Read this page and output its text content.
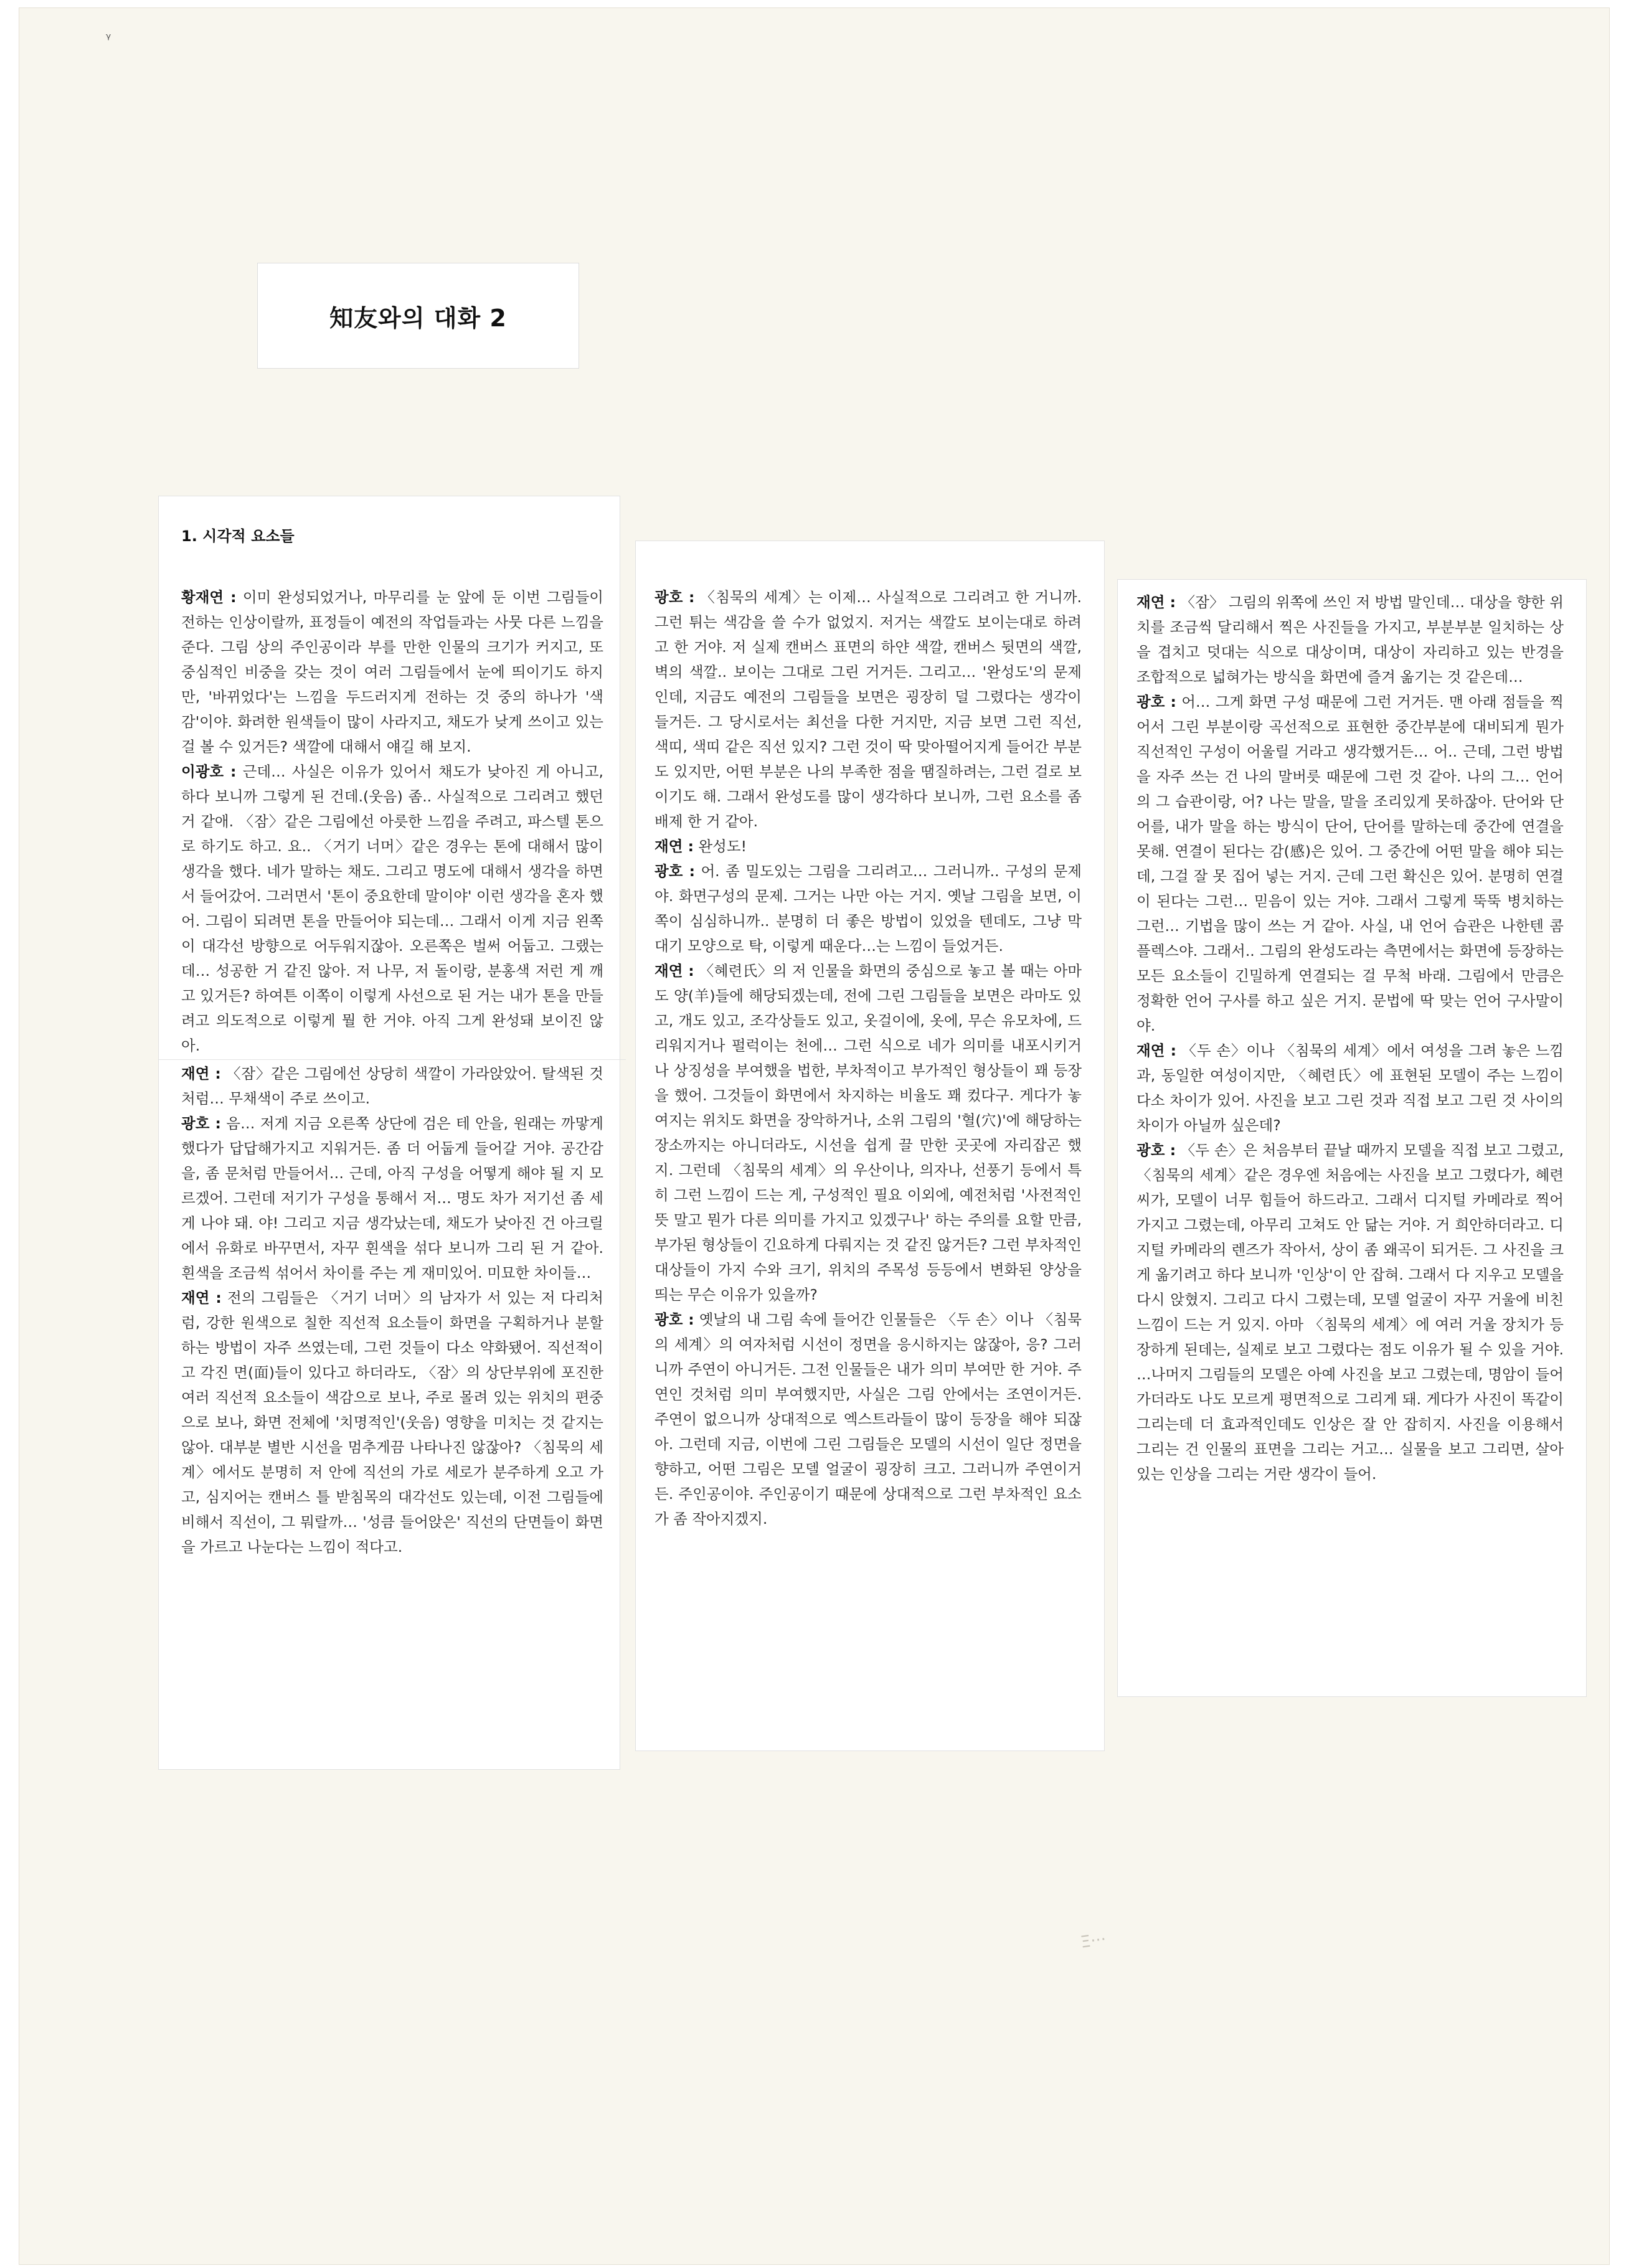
ᵞ
知友와의 대화 2
1. 시각적 요소들

황재연 : 이미 완성되었거나, 마무리를 눈 앞에 둔 이번 그림들이 전하는 인상이랄까, 표정들이 예전의 작업들과는 사뭇 다른 느낌을 준다. 그림 상의 주인공이라 부를 만한 인물의 크기가 커지고, 또 중심적인 비중을 갖는 것이 여러 그림들에서 눈에 띄이기도 하지만, '바뀌었다'는 느낌을 두드러지게 전하는 것 중의 하나가 '색감'이야. 화려한 원색들이 많이 사라지고, 채도가 낮게 쓰이고 있는 걸 볼 수 있거든? 색깔에 대해서 얘길 해 보지.

이광호 : 근데… 사실은 이유가 있어서 채도가 낮아진 게 아니고, 하다 보니까 그렇게 된 건데.(웃음) 좀.. 사실적으로 그리려고 했던 거 같애. 〈잠〉같은 그림에선 아릇한 느낌을 주려고, 파스텔 톤으로 하기도 하고. 요.. 〈거기 너머〉같은 경우는 톤에 대해서 많이 생각을 했다. 네가 말하는 채도. 그리고 명도에 대해서 생각을 하면서 들어갔어. 그러면서 '톤이 중요한데 말이야' 이런 생각을 혼자 했어. 그림이 되려면 톤을 만들어야 되는데… 그래서 이게 지금 왼쪽이 대각선 방향으로 어두워지잖아. 오른쪽은 벌써 어둡고. 그랬는데… 성공한 거 같진 않아. 저 나무, 저 돌이랑, 분홍색 저런 게 깨고 있거든? 하여튼 이쪽이 이렇게 사선으로 된 거는 내가 톤을 만들려고 의도적으로 이렇게 뭘 한 거야. 아직 그게 완성돼 보이진 않아.

재연 : 〈잠〉같은 그림에선 상당히 색깔이 가라앉았어. 탈색된 것처럼… 무채색이 주로 쓰이고.

광호 : 음… 저게 지금 오른쪽 상단에 검은 테 안을, 원래는 까맣게 했다가 답답해가지고 지워거든. 좀 더 어둡게 들어갈 거야. 공간감을, 좀 문처럼 만들어서… 근데, 아직 구성을 어떻게 해야 될 지 모르겠어. 그런데 저기가 구성을 통해서 저… 명도 차가 저기선 좀 세게 나야 돼. 야! 그리고 지금 생각났는데, 채도가 낮아진 건 아크릴에서 유화로 바꾸면서, 자꾸 흰색을 섞다 보니까 그리 된 거 같아. 흰색을 조금씩 섞어서 차이를 주는 게 재미있어. 미묘한 차이들…

재연 : 전의 그림들은 〈거기 너머〉의 남자가 서 있는 저 다리처럼, 강한 원색으로 칠한 직선적 요소들이 화면을 구획하거나 분할하는 방법이 자주 쓰였는데, 그런 것들이 다소 약화됐어. 직선적이고 각진 면(面)들이 있다고 하더라도, 〈잠〉의 상단부위에 포진한 여러 직선적 요소들이 색감으로 보나, 주로 몰려 있는 위치의 편중으로 보나, 화면 전체에 '치명적인'(웃음) 영향을 미치는 것 같지는 않아. 대부분 별반 시선을 멈추게끔 나타나진 않잖아? 〈침묵의 세계〉에서도 분명히 저 안에 직선의 가로 세로가 분주하게 오고 가고, 심지어는 캔버스 틀 받침목의 대각선도 있는데, 이전 그림들에 비해서 직선이, 그 뭐랄까… '성큼 들어앉은' 직선의 단면들이 화면을 가르고 나눈다는 느낌이 적다고.

광호 : 〈침묵의 세계〉는 이제… 사실적으로 그리려고 한 거니까. 그런 튀는 색감을 쓸 수가 없었지. 저거는 색깔도 보이는대로 하려고 한 거야. 저 실제 캔버스 표면의 하얀 색깔, 캔버스 뒷면의 색깔, 벽의 색깔.. 보이는 그대로 그린 거거든. 그리고… '완성도'의 문제인데, 지금도 예전의 그림들을 보면은 굉장히 덜 그렸다는 생각이 들거든. 그 당시로서는 최선을 다한 거지만, 지금 보면 그런 직선, 색띠, 색띠 같은 직선 있지? 그런 것이 딱 맞아떨어지게 들어간 부분도 있지만, 어떤 부분은 나의 부족한 점을 땜질하려는, 그런 걸로 보이기도 해. 그래서 완성도를 많이 생각하다 보니까, 그런 요소를 좀 배제 한 거 같아.

재연 : 완성도!

광호 : 어. 좀 밀도있는 그림을 그리려고… 그러니까.. 구성의 문제야. 화면구성의 문제. 그거는 나만 아는 거지. 옛날 그림을 보면, 이쪽이 심심하니까.. 분명히 더 좋은 방법이 있었을 텐데도, 그냥 막 대기 모양으로 탁, 이렇게 때운다…는 느낌이 들었거든.

재연 : 〈혜련氏〉의 저 인물을 화면의 중심으로 놓고 볼 때는 아마도 양(羊)들에 해당되겠는데, 전에 그린 그림들을 보면은 라마도 있고, 개도 있고, 조각상들도 있고, 옷걸이에, 옷에, 무슨 유모차에, 드리워지거나 펄럭이는 천에… 그런 식으로 네가 의미를 내포시키거나 상징성을 부여했을 법한, 부차적이고 부가적인 형상들이 꽤 등장을 했어. 그것들이 화면에서 차지하는 비율도 꽤 컸다구. 게다가 놓여지는 위치도 화면을 장악하거나, 소위 그림의 '혈(穴)'에 해당하는 장소까지는 아니더라도, 시선을 쉽게 끌 만한 곳곳에 자리잡곤 했지. 그런데 〈침묵의 세계〉의 우산이나, 의자나, 선풍기 등에서 특히 그런 느낌이 드는 게, 구성적인 필요 이외에, 예전처럼 '사전적인 뜻 말고 뭔가 다른 의미를 가지고 있겠구나' 하는 주의를 요할 만큼, 부가된 형상들이 긴요하게 다뤄지는 것 같진 않거든? 그런 부차적인 대상들이 가지 수와 크기, 위치의 주목성 등등에서 변화된 양상을 띄는 무슨 이유가 있을까?

광호 : 옛날의 내 그림 속에 들어간 인물들은 〈두 손〉이나 〈침묵의 세계〉의 여자처럼 시선이 정면을 응시하지는 않잖아, 응? 그러니까 주연이 아니거든. 그전 인물들은 내가 의미 부여만 한 거야. 주연인 것처럼 의미 부여했지만, 사실은 그림 안에서는 조연이거든. 주연이 없으니까 상대적으로 엑스트라들이 많이 등장을 해야 되잖아. 그런데 지금, 이번에 그린 그림들은 모델의 시선이 일단 정면을 향하고, 어떤 그림은 모델 얼굴이 굉장히 크고. 그러니까 주연이거든. 주인공이야. 주인공이기 때문에 상대적으로 그런 부차적인 요소가 좀 작아지겠지.

재연 : 〈잠〉 그림의 위쪽에 쓰인 저 방법 말인데… 대상을 향한 위치를 조금씩 달리해서 찍은 사진들을 가지고, 부분부분 일치하는 상을 겹치고 덧대는 식으로 대상이며, 대상이 자리하고 있는 반경을 조합적으로 넓혀가는 방식을 화면에 즐겨 옮기는 것 같은데…

광호 : 어… 그게 화면 구성 때문에 그런 거거든. 맨 아래 점들을 찍어서 그린 부분이랑 곡선적으로 표현한 중간부분에 대비되게 뭔가 직선적인 구성이 어울릴 거라고 생각했거든… 어.. 근데, 그런 방법을 자주 쓰는 건 나의 말버릇 때문에 그런 것 같아. 나의 그… 언어의 그 습관이랑, 어? 나는 말을, 말을 조리있게 못하잖아. 단어와 단어를, 내가 말을 하는 방식이 단어, 단어를 말하는데 중간에 연결을 못해. 연결이 된다는 감(感)은 있어. 그 중간에 어떤 말을 해야 되는데, 그걸 잘 못 집어 넣는 거지. 근데 그런 확신은 있어. 분명히 연결이 된다는 그런… 믿음이 있는 거야. 그래서 그렇게 뚝뚝 병치하는 그런… 기법을 많이 쓰는 거 같아. 사실, 내 언어 습관은 나한텐 콤플렉스야. 그래서.. 그림의 완성도라는 측면에서는 화면에 등장하는 모든 요소들이 긴밀하게 연결되는 걸 무척 바래. 그림에서 만큼은 정확한 언어 구사를 하고 싶은 거지. 문법에 딱 맞는 언어 구사말이야.

재연 : 〈두 손〉이나 〈침묵의 세계〉에서 여성을 그려 놓은 느낌과, 동일한 여성이지만, 〈혜련氏〉에 표현된 모델이 주는 느낌이 다소 차이가 있어. 사진을 보고 그린 것과 직접 보고 그린 것 사이의 차이가 아닐까 싶은데?

광호 : 〈두 손〉은 처음부터 끝날 때까지 모델을 직접 보고 그렸고, 〈침묵의 세계〉같은 경우엔 처음에는 사진을 보고 그렸다가, 혜련씨가, 모델이 너무 힘들어 하드라고. 그래서 디지털 카메라로 찍어 가지고 그렸는데, 아무리 고쳐도 안 닮는 거야. 거 희안하더라고. 디지털 카메라의 렌즈가 작아서, 상이 좀 왜곡이 되거든. 그 사진을 크게 옮기려고 하다 보니까 '인상'이 안 잡혀. 그래서 다 지우고 모델을 다시 앉혔지. 그리고 다시 그렸는데, 모델 얼굴이 자꾸 거울에 비친 느낌이 드는 거 있지. 아마 〈침묵의 세계〉에 여러 거울 장치가 등장하게 된데는, 실제로 보고 그렸다는 점도 이유가 될 수 있을 거야. …나머지 그림들의 모델은 아예 사진을 보고 그렸는데, 명암이 들어가더라도 나도 모르게 평면적으로 그리게 돼. 게다가 사진이 똑같이 그리는데 더 효과적인데도 인상은 잘 안 잡히지. 사진을 이용해서 그리는 건 인물의 표면을 그리는 거고… 실물을 보고 그리면, 살아 있는 인상을 그리는 거란 생각이 들어.

Ξ···
